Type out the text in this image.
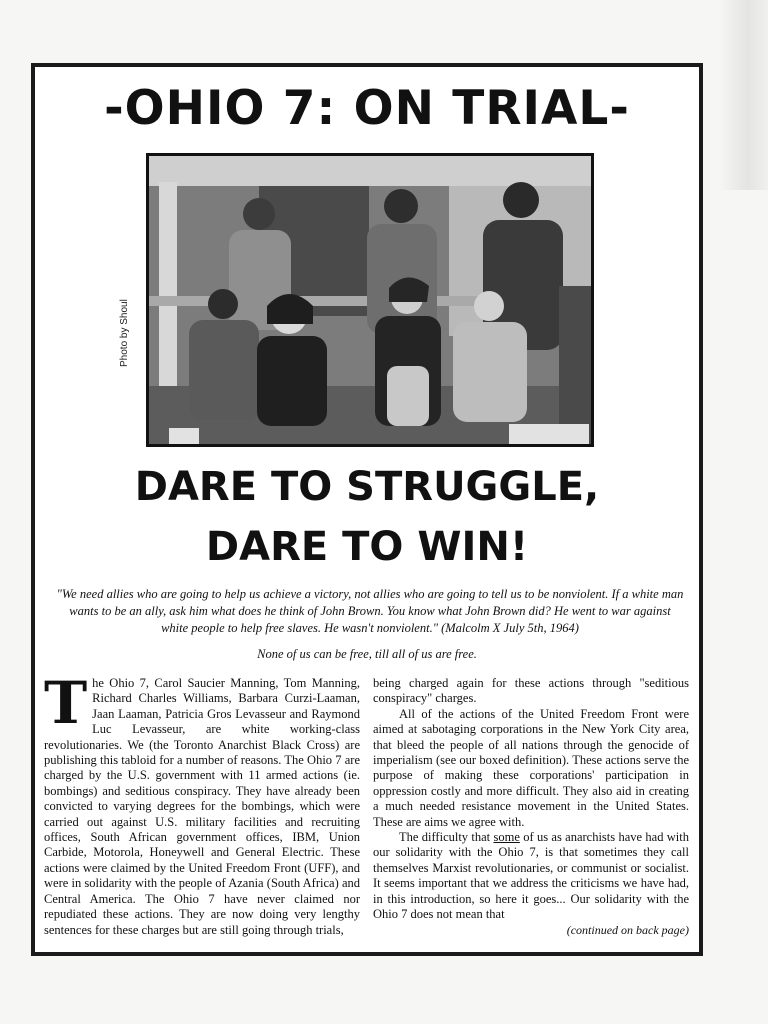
-OHIO 7: ON TRIAL-
Photo by Shoul
DARE TO STRUGGLE,
DARE TO WIN!
"We need allies who are going to help us achieve a victory, not allies who are going to tell us to be nonviolent. If a white man wants to be an ally, ask him what does he think of John Brown. You know what John Brown did? He went to war against white people to help free slaves. He wasn't nonviolent." (Malcolm X July 5th, 1964)
None of us can be free, till all of us are free.
T he Ohio 7, Carol Saucier Manning, Tom Manning, Richard Charles Williams, Barbara Curzi-Laaman, Jaan Laaman, Patricia Gros Levasseur and Raymond Luc Levasseur, are white working-class revolutionaries. We (the Toronto Anarchist Black Cross) are publishing this tabloid for a number of reasons. The Ohio 7 are charged by the U.S. government with 11 armed actions (ie. bombings) and seditious conspiracy. They have already been convicted to varying degrees for the bombings, which were carried out against U.S. military facilities and recruiting offices, South African government offices, IBM, Union Carbide, Motorola, Honeywell and General Electric. These actions were claimed by the United Freedom Front (UFF), and were in solidarity with the people of Azania (South Africa) and Central America. The Ohio 7 have never claimed nor repudiated these actions. They are now doing very lengthy sentences for these charges but are still going through trials,

being charged again for these actions through "seditious conspiracy" charges.

All of the actions of the United Freedom Front were aimed at sabotaging corporations in the New York City area, that bleed the people of all nations through the genocide of imperialism (see our boxed definition). These actions serve the purpose of making these corporations' participation in oppression costly and more difficult. They also aid in creating a much needed resistance movement in the United States. These are aims we agree with.

The difficulty that some of us as anarchists have had with our solidarity with the Ohio 7, is that sometimes they call themselves Marxist revolutionaries, or communist or socialist. It seems important that we address the criticisms we have had, in this introduction, so here it goes... Our solidarity with the Ohio 7 does not mean that

(continued on back page)
